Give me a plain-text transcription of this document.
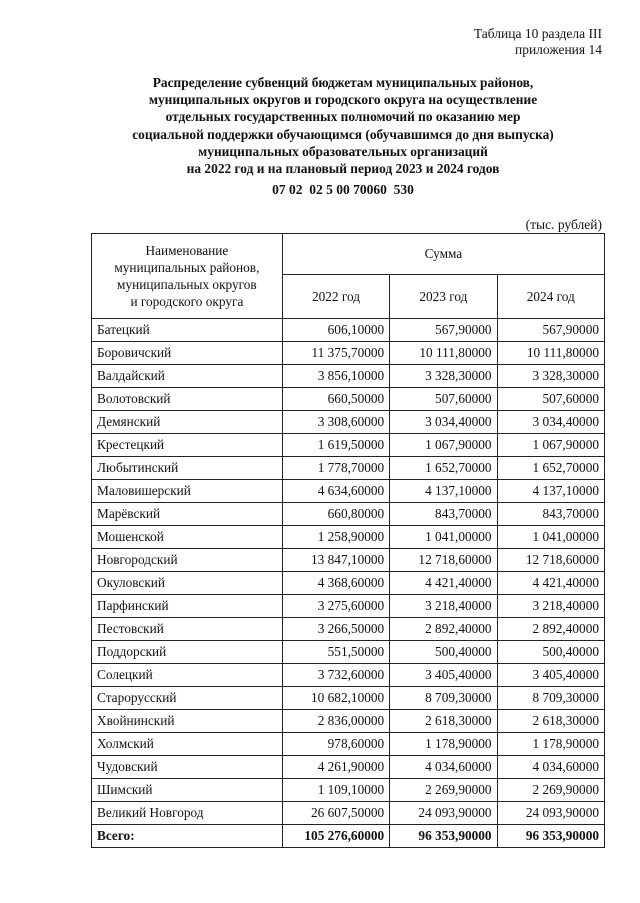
Таблица 10 раздела III
приложения 14
Распределение субвенций бюджетам муниципальных районов,
муниципальных округов и городского округа на осуществление
отдельных государственных полномочий по оказанию мер
социальной поддержки обучающимся (обучавшимся до дня выпуска)
муниципальных образовательных организаций
на 2022 год и на плановый период 2023 и 2024 годов
07 02  02 5 00 70060  530
(тыс. рублей)
Наименование
муниципальных районов,
муниципальных округов
и городского округа	Сумма		
	2022 год	2023 год	2024 год
Батецкий	606,10000	567,90000	567,90000
Боровичский	11 375,70000	10 111,80000	10 111,80000
Валдайский	3 856,10000	3 328,30000	3 328,30000
Волотовский	660,50000	507,60000	507,60000
Демянский	3 308,60000	3 034,40000	3 034,40000
Крестецкий	1 619,50000	1 067,90000	1 067,90000
Любытинский	1 778,70000	1 652,70000	1 652,70000
Маловишерский	4 634,60000	4 137,10000	4 137,10000
Марёвский	660,80000	843,70000	843,70000
Мошенской	1 258,90000	1 041,00000	1 041,00000
Новгородский	13 847,10000	12 718,60000	12 718,60000
Окуловский	4 368,60000	4 421,40000	4 421,40000
Парфинский	3 275,60000	3 218,40000	3 218,40000
Пестовский	3 266,50000	2 892,40000	2 892,40000
Поддорский	551,50000	500,40000	500,40000
Солецкий	3 732,60000	3 405,40000	3 405,40000
Старорусский	10 682,10000	8 709,30000	8 709,30000
Хвойнинский	2 836,00000	2 618,30000	2 618,30000
Холмский	978,60000	1 178,90000	1 178,90000
Чудовский	4 261,90000	4 034,60000	4 034,60000
Шимский	1 109,10000	2 269,90000	2 269,90000
Великий Новгород	26 607,50000	24 093,90000	24 093,90000
Всего:	105 276,60000	96 353,90000	96 353,90000
